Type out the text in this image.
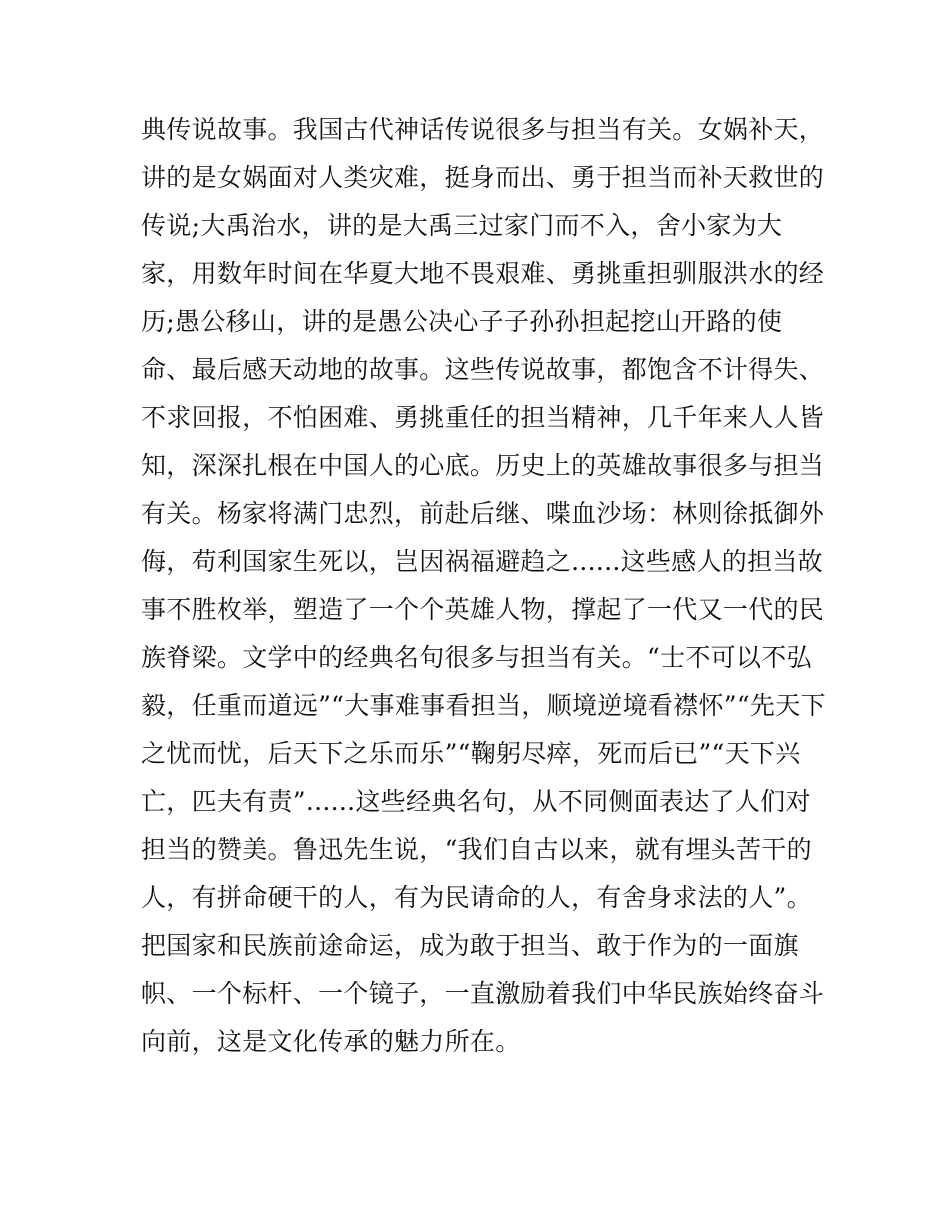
典传说故事。我国古代神话传说很多与担当有关。女娲补天，
讲的是女娲面对人类灾难，挺身而出、勇于担当而补天救世的
传说;大禹治水，讲的是大禹三过家门而不入，舍小家为大
家，用数年时间在华夏大地不畏艰难、勇挑重担驯服洪水的经
历;愚公移山，讲的是愚公决心子子孙孙担起挖山开路的使
命、最后感天动地的故事。这些传说故事，都饱含不计得失、
不求回报，不怕困难、勇挑重任的担当精神，几千年来人人皆
知，深深扎根在中国人的心底。历史上的英雄故事很多与担当
有关。杨家将满门忠烈，前赴后继、喋血沙场：林则徐抵御外
侮，苟利国家生死以，岂因祸福避趋之......这些感人的担当故
事不胜枚举，塑造了一个个英雄人物，撑起了一代又一代的民
族脊梁。文学中的经典名句很多与担当有关。“士不可以不弘
毅，任重而道远”“大事难事看担当，顺境逆境看襟怀”“先天下
之忧而忧，后天下之乐而乐”“鞠躬尽瘁，死而后已”“天下兴
亡，匹夫有责”......这些经典名句，从不同侧面表达了人们对
担当的赞美。鲁迅先生说，“我们自古以来，就有埋头苦干的
人，有拼命硬干的人，有为民请命的人，有舍身求法的人”。
把国家和民族前途命运，成为敢于担当、敢于作为的一面旗
帜、一个标杆、一个镜子，一直激励着我们中华民族始终奋斗
向前，这是文化传承的魅力所在。
